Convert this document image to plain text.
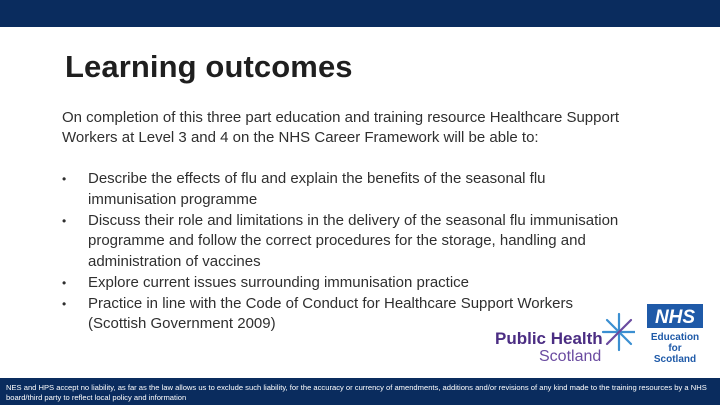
Learning outcomes

On completion of this three part education and training resource Healthcare Support Workers at Level 3 and 4 on the NHS Career Framework will be able to:

• Describe the effects of flu and explain the benefits of the seasonal flu immunisation programme
• Discuss their role and limitations in the delivery of the seasonal flu immunisation programme and follow the correct procedures for the storage, handling and administration of vaccines
• Explore current issues surrounding immunisation practice
• Practice in line with the Code of Conduct for Healthcare Support Workers (Scottish Government 2009)
Public Health
Scotland
NHS
Education
for
Scotland
NES and HPS accept no liability, as far as the law allows us to exclude such liability, for the accuracy or currency of amendments, additions and/or revisions of any kind made to the training resources by a NHS board/third party to reflect local policy and information
